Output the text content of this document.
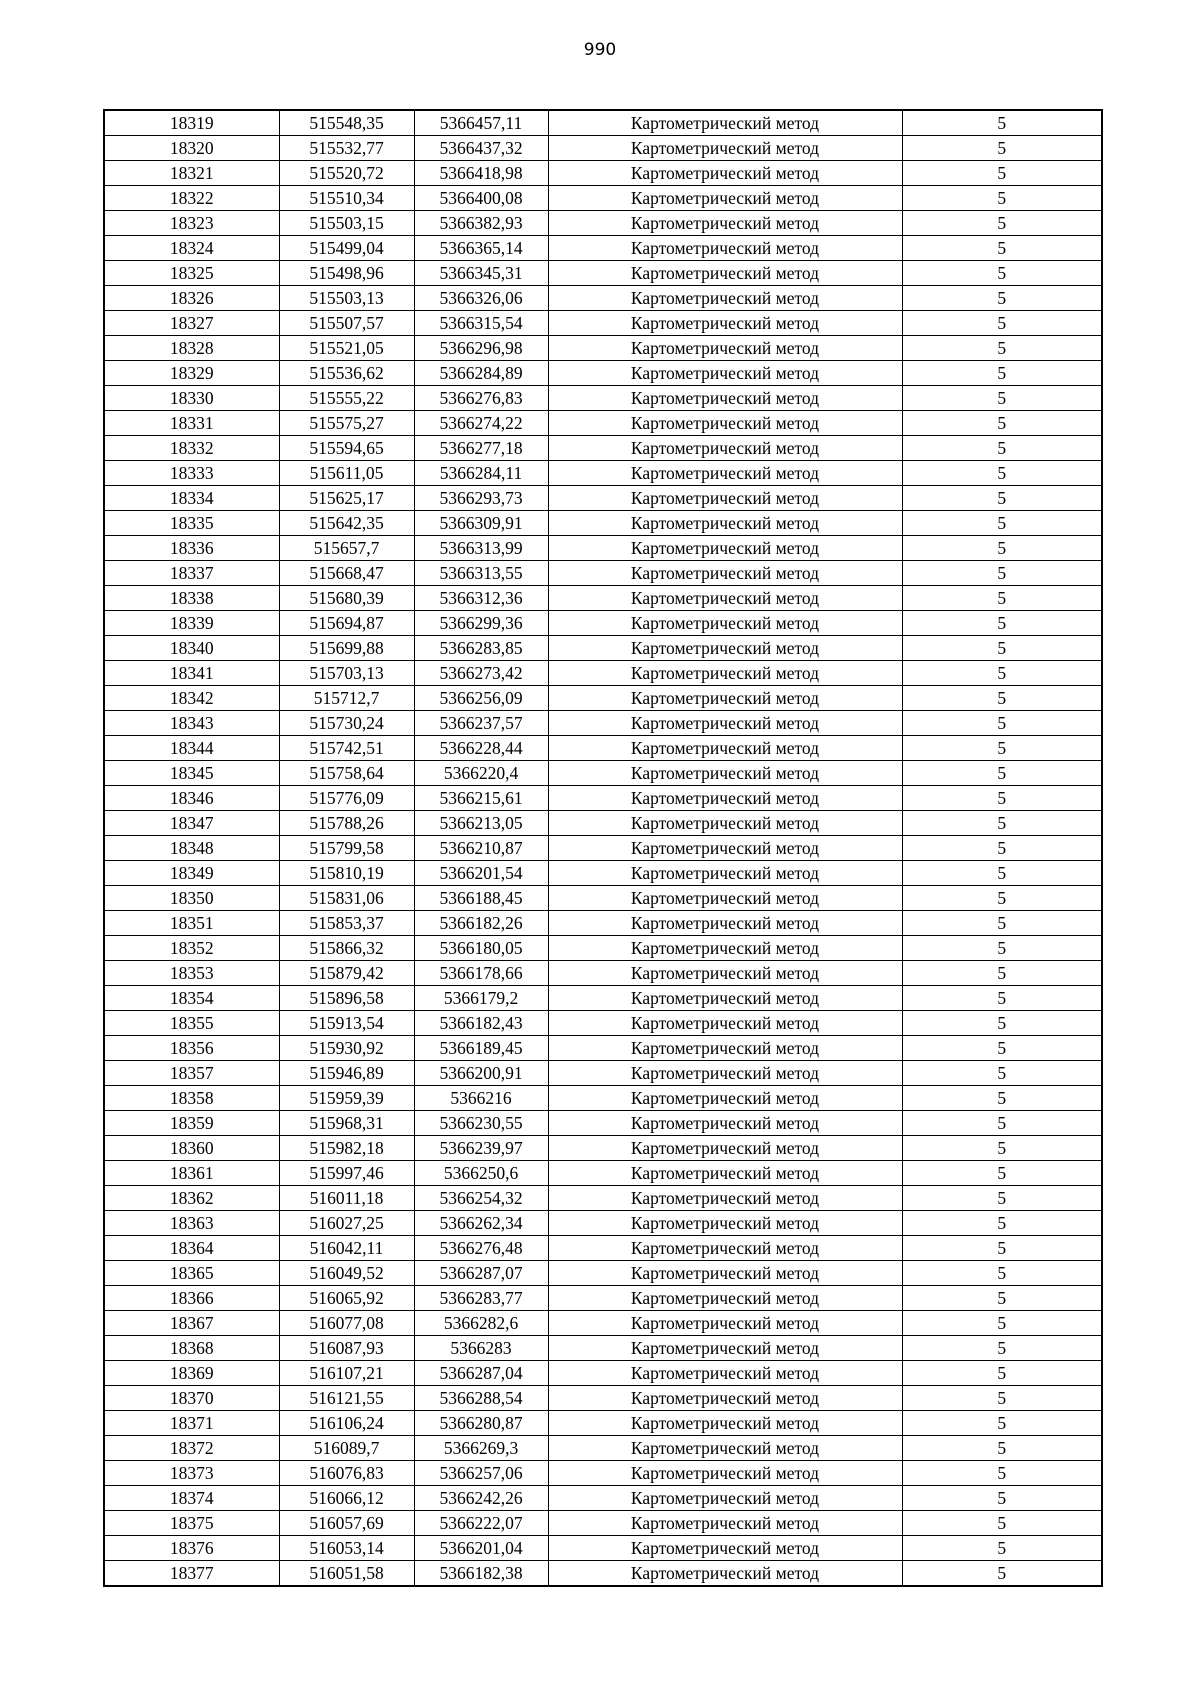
990
18319	515548,35	5366457,11	Картометрический метод	5
18320	515532,77	5366437,32	Картометрический метод	5
18321	515520,72	5366418,98	Картометрический метод	5
18322	515510,34	5366400,08	Картометрический метод	5
18323	515503,15	5366382,93	Картометрический метод	5
18324	515499,04	5366365,14	Картометрический метод	5
18325	515498,96	5366345,31	Картометрический метод	5
18326	515503,13	5366326,06	Картометрический метод	5
18327	515507,57	5366315,54	Картометрический метод	5
18328	515521,05	5366296,98	Картометрический метод	5
18329	515536,62	5366284,89	Картометрический метод	5
18330	515555,22	5366276,83	Картометрический метод	5
18331	515575,27	5366274,22	Картометрический метод	5
18332	515594,65	5366277,18	Картометрический метод	5
18333	515611,05	5366284,11	Картометрический метод	5
18334	515625,17	5366293,73	Картометрический метод	5
18335	515642,35	5366309,91	Картометрический метод	5
18336	515657,7	5366313,99	Картометрический метод	5
18337	515668,47	5366313,55	Картометрический метод	5
18338	515680,39	5366312,36	Картометрический метод	5
18339	515694,87	5366299,36	Картометрический метод	5
18340	515699,88	5366283,85	Картометрический метод	5
18341	515703,13	5366273,42	Картометрический метод	5
18342	515712,7	5366256,09	Картометрический метод	5
18343	515730,24	5366237,57	Картометрический метод	5
18344	515742,51	5366228,44	Картометрический метод	5
18345	515758,64	5366220,4	Картометрический метод	5
18346	515776,09	5366215,61	Картометрический метод	5
18347	515788,26	5366213,05	Картометрический метод	5
18348	515799,58	5366210,87	Картометрический метод	5
18349	515810,19	5366201,54	Картометрический метод	5
18350	515831,06	5366188,45	Картометрический метод	5
18351	515853,37	5366182,26	Картометрический метод	5
18352	515866,32	5366180,05	Картометрический метод	5
18353	515879,42	5366178,66	Картометрический метод	5
18354	515896,58	5366179,2	Картометрический метод	5
18355	515913,54	5366182,43	Картометрический метод	5
18356	515930,92	5366189,45	Картометрический метод	5
18357	515946,89	5366200,91	Картометрический метод	5
18358	515959,39	5366216	Картометрический метод	5
18359	515968,31	5366230,55	Картометрический метод	5
18360	515982,18	5366239,97	Картометрический метод	5
18361	515997,46	5366250,6	Картометрический метод	5
18362	516011,18	5366254,32	Картометрический метод	5
18363	516027,25	5366262,34	Картометрический метод	5
18364	516042,11	5366276,48	Картометрический метод	5
18365	516049,52	5366287,07	Картометрический метод	5
18366	516065,92	5366283,77	Картометрический метод	5
18367	516077,08	5366282,6	Картометрический метод	5
18368	516087,93	5366283	Картометрический метод	5
18369	516107,21	5366287,04	Картометрический метод	5
18370	516121,55	5366288,54	Картометрический метод	5
18371	516106,24	5366280,87	Картометрический метод	5
18372	516089,7	5366269,3	Картометрический метод	5
18373	516076,83	5366257,06	Картометрический метод	5
18374	516066,12	5366242,26	Картометрический метод	5
18375	516057,69	5366222,07	Картометрический метод	5
18376	516053,14	5366201,04	Картометрический метод	5
18377	516051,58	5366182,38	Картометрический метод	5
